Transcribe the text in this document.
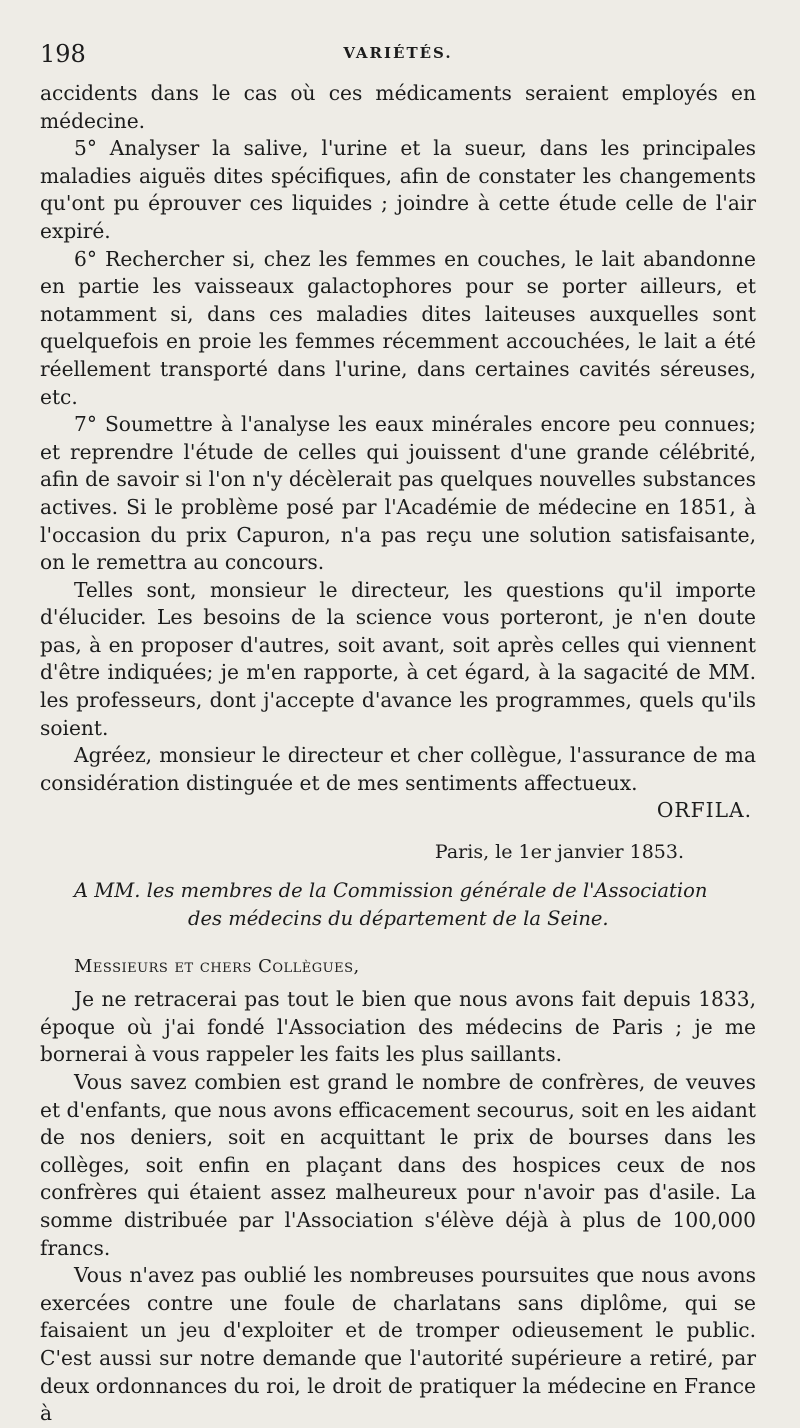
198	VARIÉTÉS.

accidents dans le cas où ces médicaments seraient employés en médecine.

5° Analyser la salive, l'urine et la sueur, dans les principales maladies aiguës dites spécifiques, afin de constater les changements qu'ont pu éprouver ces liquides ; joindre à cette étude celle de l'air expiré.

6° Rechercher si, chez les femmes en couches, le lait abandonne en partie les vaisseaux galactophores pour se porter ailleurs, et notamment si, dans ces maladies dites laiteuses auxquelles sont quelquefois en proie les femmes récemment accouchées, le lait a été réellement transporté dans l'urine, dans certaines cavités séreuses, etc.

7° Soumettre à l'analyse les eaux minérales encore peu connues; et reprendre l'étude de celles qui jouissent d'une grande célébrité, afin de savoir si l'on n'y décèlerait pas quelques nouvelles substances actives. Si le problème posé par l'Académie de médecine en 1851, à l'occasion du prix Capuron, n'a pas reçu une solution satisfaisante, on le remettra au concours.

Telles sont, monsieur le directeur, les questions qu'il importe d'élucider. Les besoins de la science vous porteront, je n'en doute pas, à en proposer d'autres, soit avant, soit après celles qui viennent d'être indiquées; je m'en rapporte, à cet égard, à la sagacité de MM. les professeurs, dont j'accepte d'avance les programmes, quels qu'ils soient.

Agréez, monsieur le directeur et cher collègue, l'assurance de ma considération distinguée et de mes sentiments affectueux.

ORFILA.
Paris, le 1er janvier 1853.
A MM. les membres de la Commission générale de l'Association
des médecins du département de la Seine.
Messieurs et chers Collègues,

Je ne retracerai pas tout le bien que nous avons fait depuis 1833, époque où j'ai fondé l'Association des médecins de Paris ; je me bornerai à vous rappeler les faits les plus saillants.

Vous savez combien est grand le nombre de confrères, de veuves et d'enfants, que nous avons efficacement secourus, soit en les aidant de nos deniers, soit en acquittant le prix de bourses dans les collèges, soit enfin en plaçant dans des hospices ceux de nos confrères qui étaient assez malheureux pour n'avoir pas d'asile. La somme distribuée par l'Association s'élève déjà à plus de 100,000 francs.

Vous n'avez pas oublié les nombreuses poursuites que nous avons exercées contre une foule de charlatans sans diplôme, qui se faisaient un jeu d'exploiter et de tromper odieusement le public. C'est aussi sur notre demande que l'autorité supérieure a retiré, par deux ordonnances du roi, le droit de pratiquer la médecine en France à
